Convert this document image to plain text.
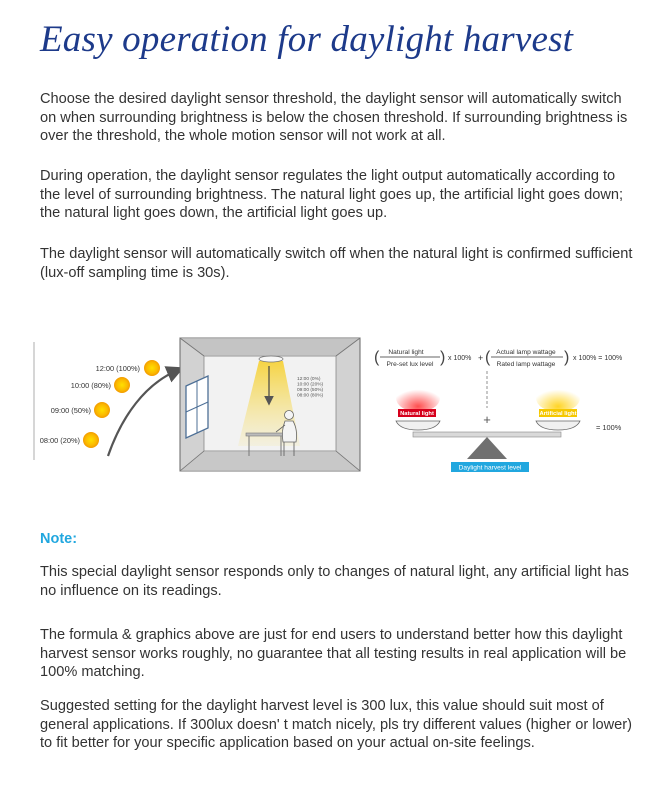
Easy operation for daylight harvest

Choose the desired daylight sensor threshold, the daylight sensor will automatically switch on when surrounding brightness is below the chosen threshold. If surrounding brightness is over the threshold, the whole motion sensor will not work at all.

During operation, the daylight sensor regulates the light output automatically according to the level of surrounding brightness. The natural light goes up, the artificial light goes down; the natural light goes down, the artificial light goes up.

The daylight sensor will automatically switch off when the natural light is confirmed sufficient (lux-off sampling time is 30s).

12:00 (100%)
10:00 (80%)
09:00 (50%)
08:00 (20%)
12:00 (0%)
10:00 (20%)
09:00 (50%)
08:00 (80%)
( Natural light
Pre-set lux level ) x 100% + ( Actual lamp wattage
Rated lamp wattage ) x 100% = 100%
+
Natural light	Artificial light
Daylight harvest level
= 100%

Note:

This special daylight sensor responds only to changes of natural light, any artificial light has no influence on its readings.

The formula & graphics above are just for end users to understand better how this daylight harvest sensor works roughly, no guarantee that all testing results in real application will be 100% matching.

Suggested setting for the daylight harvest level is 300 lux, this value should suit most of general applications. If 300lux doesn' t match nicely, pls try different values (higher or lower) to fit better for your specific application based on your actual on-site feelings.
